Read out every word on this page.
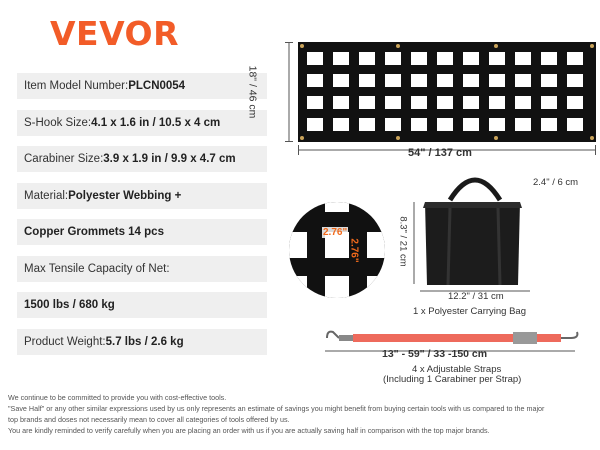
VEVOR
Item Model Number: PLCN0054
S-Hook Size: 4.1 x 1.6 in / 10.5 x 4 cm
Carabiner Size: 3.9 x 1.9 in / 9.9 x 4.7 cm
Material: Polyester Webbing +
Copper Grommets 14 pcs
Max Tensile Capacity of Net:
1500 lbs / 680 kg
Product Weight: 5.7 lbs / 2.6 kg
18" / 46 cm
54" / 137 cm
2.76"
2.76"
2.4" / 6 cm
8.3" / 21 cm
12.2" / 31 cm
1 x Polyester Carrying Bag
13" - 59" / 33 -150 cm
4 x Adjustable Straps
(Including 1 Carabiner per Strap)
We continue to be committed to provide you with cost-effective tools.
"Save Half" or any other similar expressions used by us only represents an estimate of savings you might benefit from buying certain tools with us compared to the major
top brands and doses not necessarily mean to cover all categories of tools offered by us.
You are kindly reminded to verify carefully when you are placing an order with us if you are actually saving half in comparison with the top major brands.
